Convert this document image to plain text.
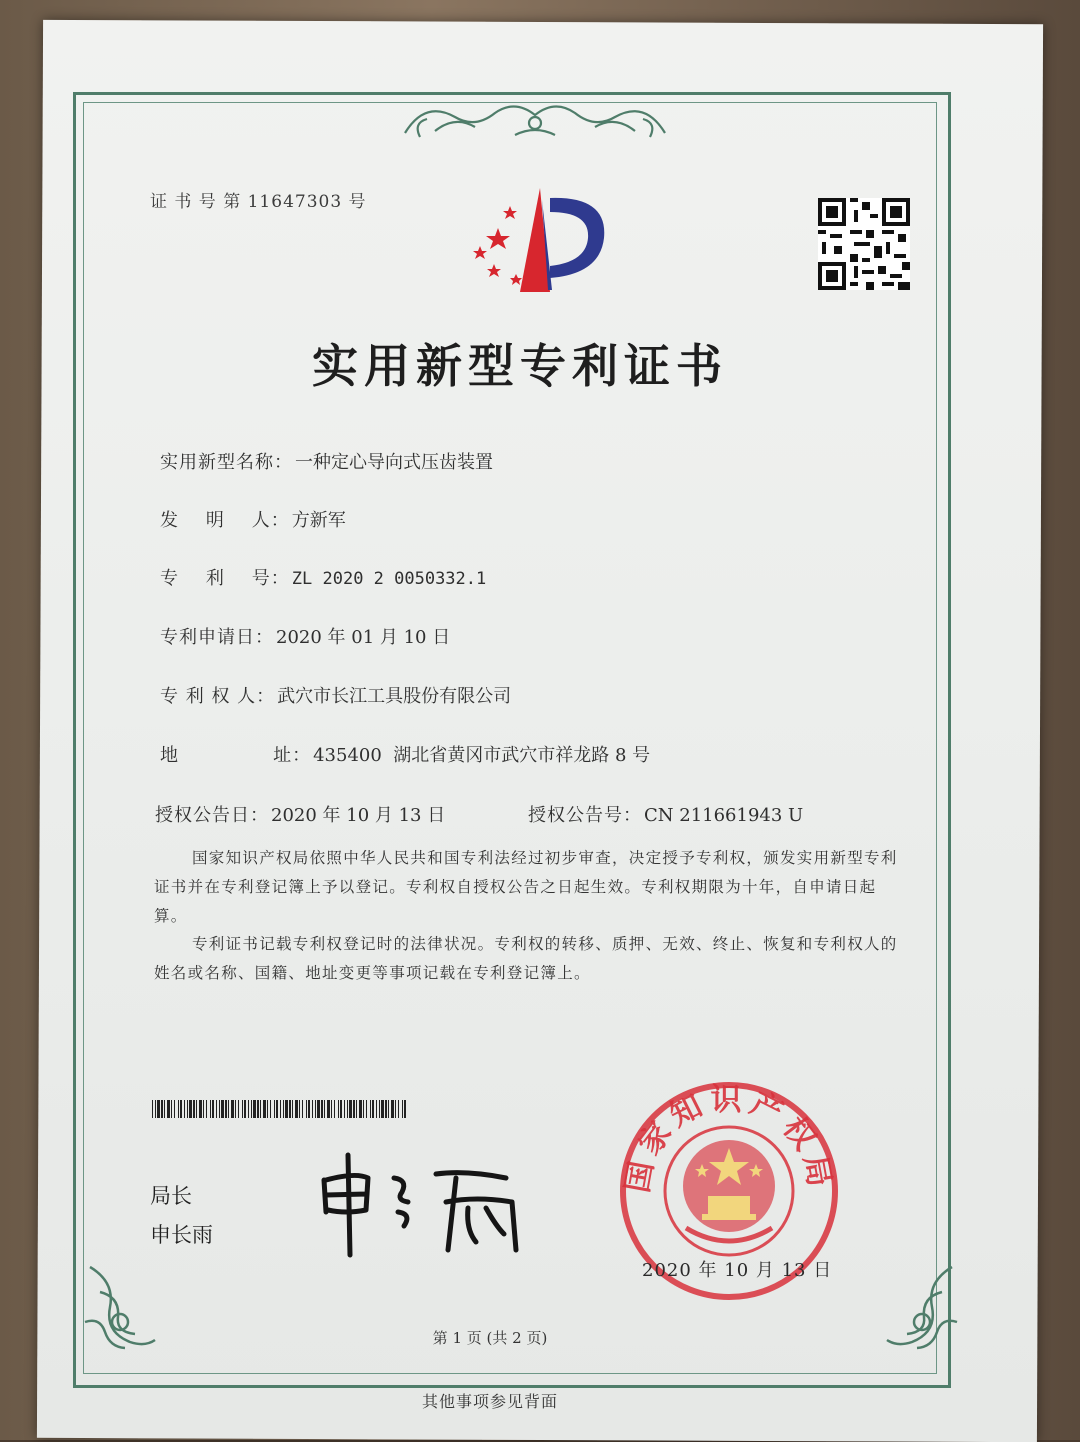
证 书 号 第 11647303 号
实用新型专利证书
实用新型名称： 一种定心导向式压齿装置
发    明    人： 方新军
专    利    号： ZL 2020 2 0050332.1
专利申请日： 2020 年 01 月 10 日
专 利 权 人： 武穴市长江工具股份有限公司
地              址： 435400  湖北省黄冈市武穴市祥龙路 8 号
授权公告日： 2020 年 10 月 13 日	授权公告号： CN 211661943 U
国家知识产权局依照中华人民共和国专利法经过初步审查，决定授予专利权，颁发实用新型专利证书并在专利登记簿上予以登记。专利权自授权公告之日起生效。专利权期限为十年，自申请日起算。
专利证书记载专利权登记时的法律状况。专利权的转移、质押、无效、终止、恢复和专利权人的姓名或名称、国籍、地址变更等事项记载在专利登记簿上。
局长
申长雨
国家知识产权局
2020 年 10 月 13 日
第 1 页 (共 2 页)
其他事项参见背面
